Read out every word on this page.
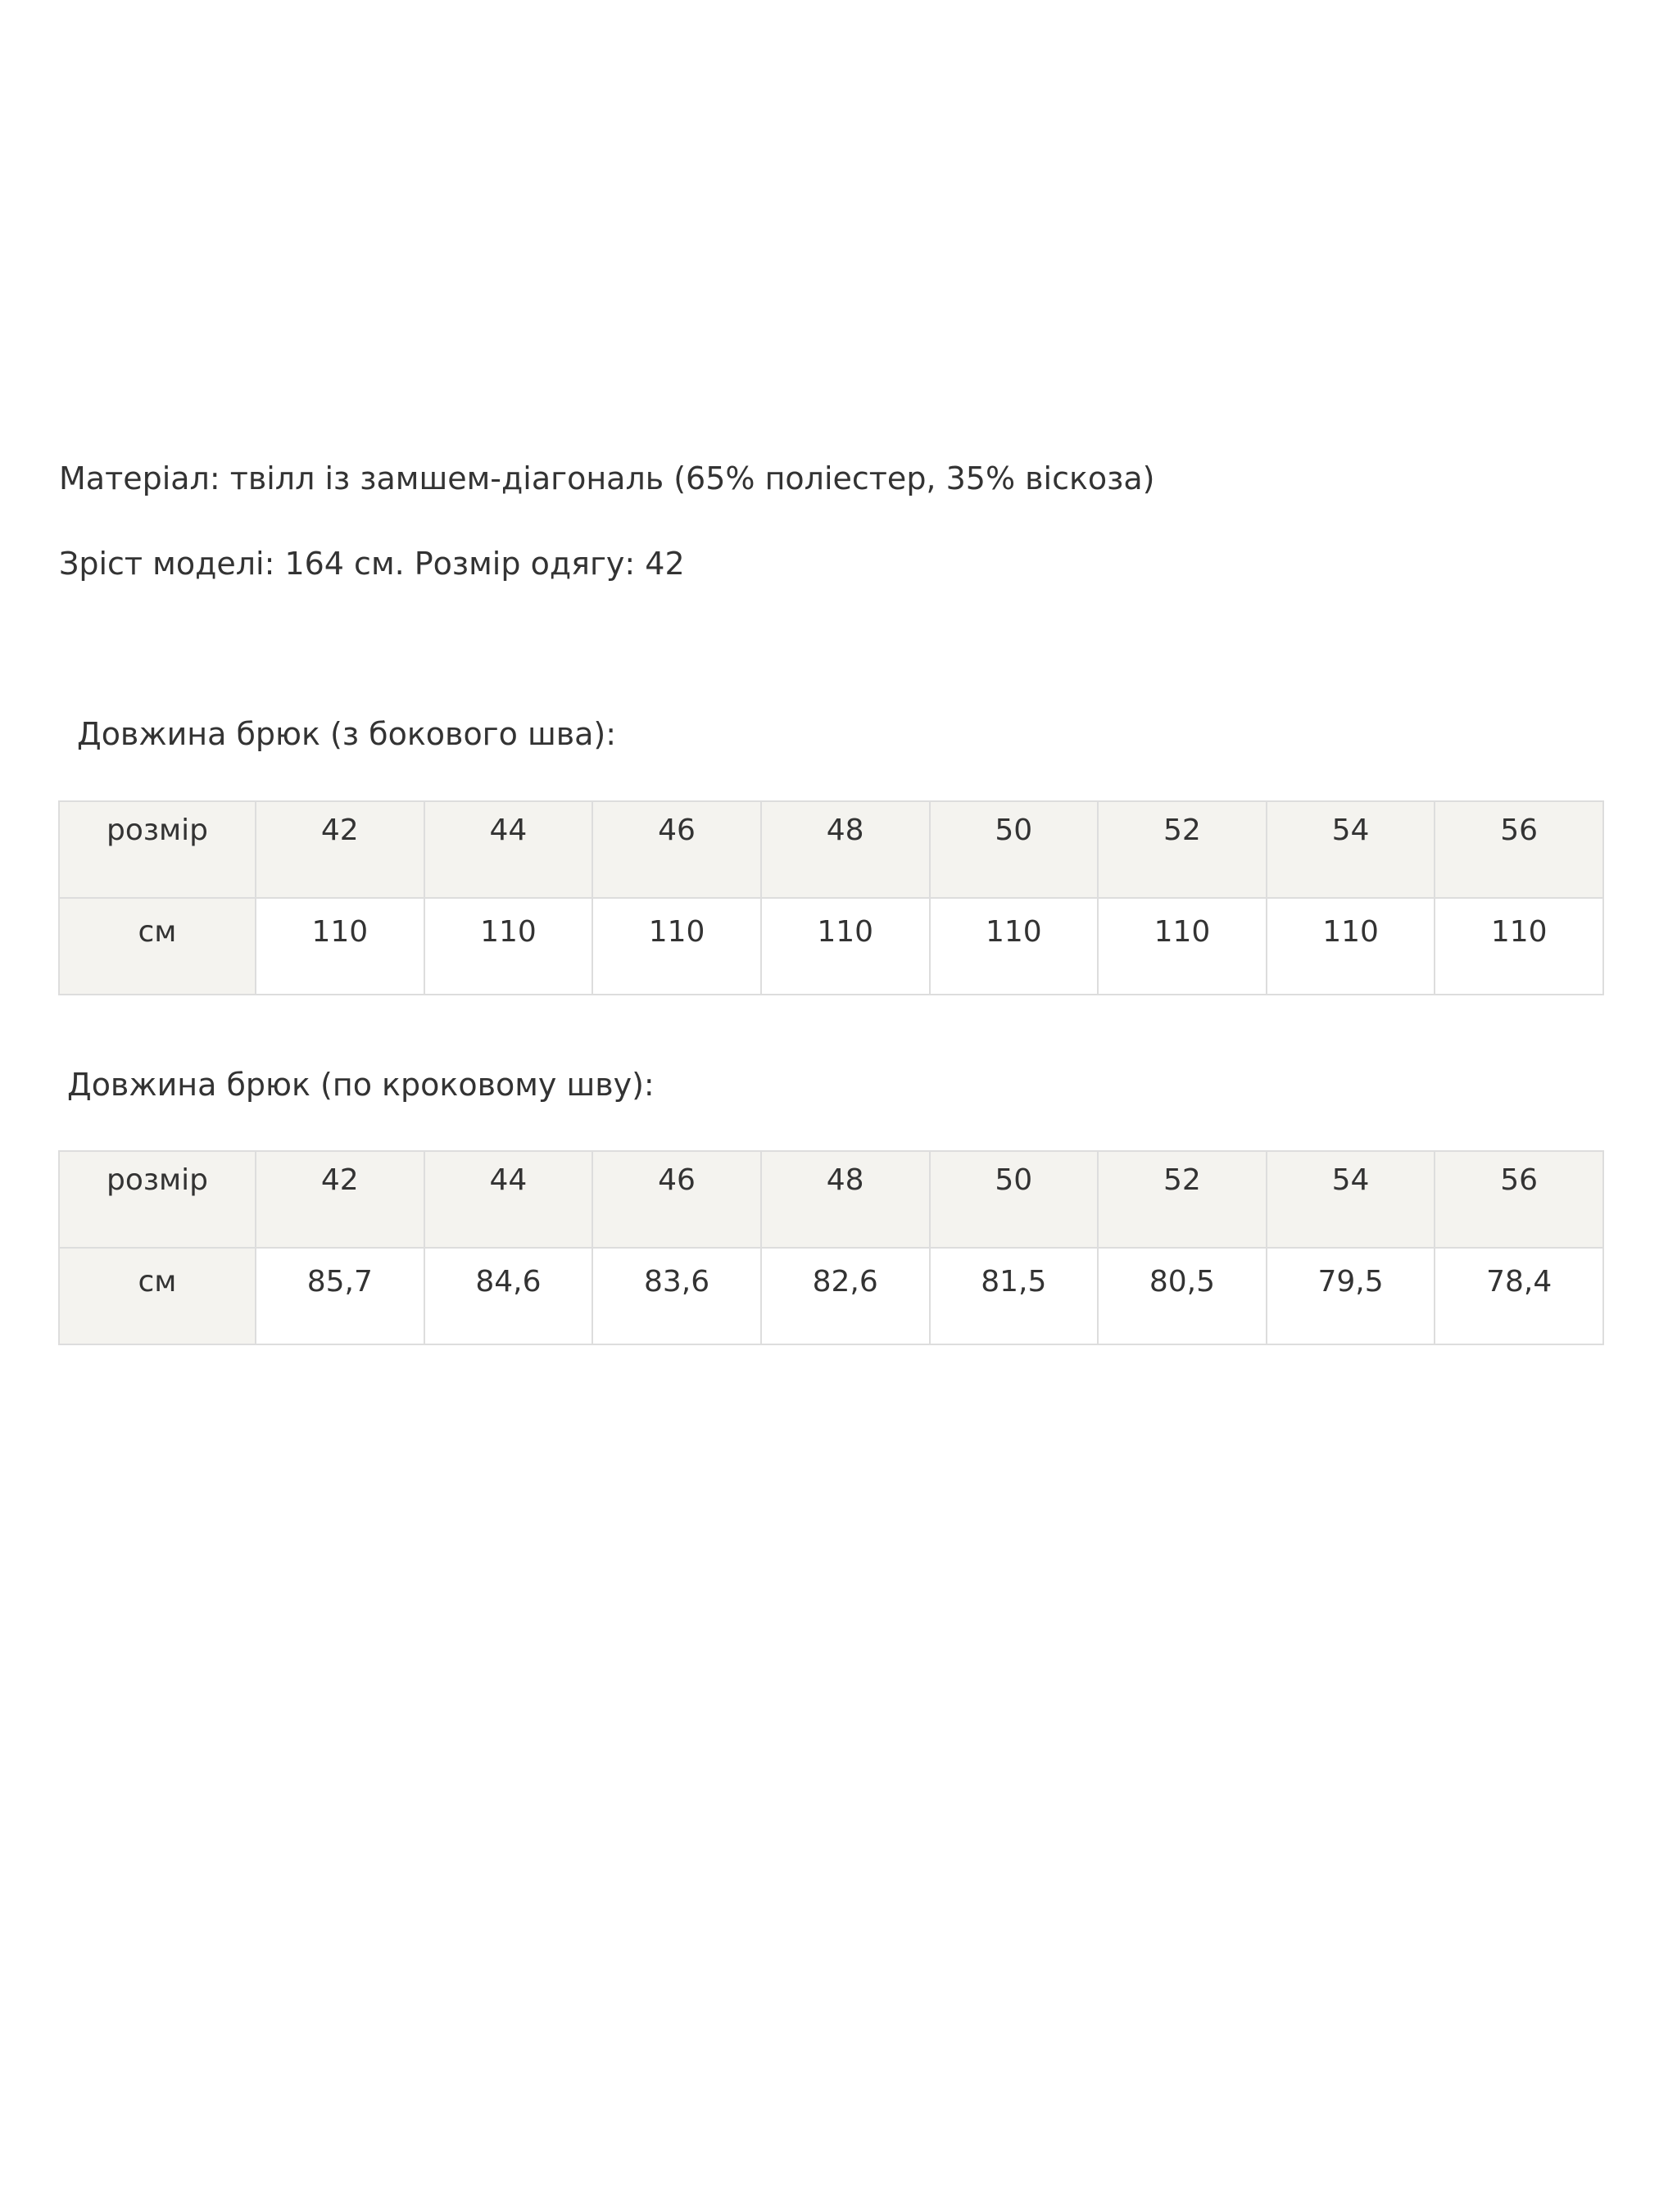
Матеріал: твілл із замшем-діагональ (65% поліестер, 35% віскоза)
Зріст моделі: 164 см. Розмір одягу: 42
Довжина брюк (з бокового шва):
розмір	42	44	46	48	50	52	54	56
см	110	110	110	110	110	110	110	110
Довжина брюк (по кроковому шву):
розмір	42	44	46	48	50	52	54	56
см	85,7	84,6	83,6	82,6	81,5	80,5	79,5	78,4
